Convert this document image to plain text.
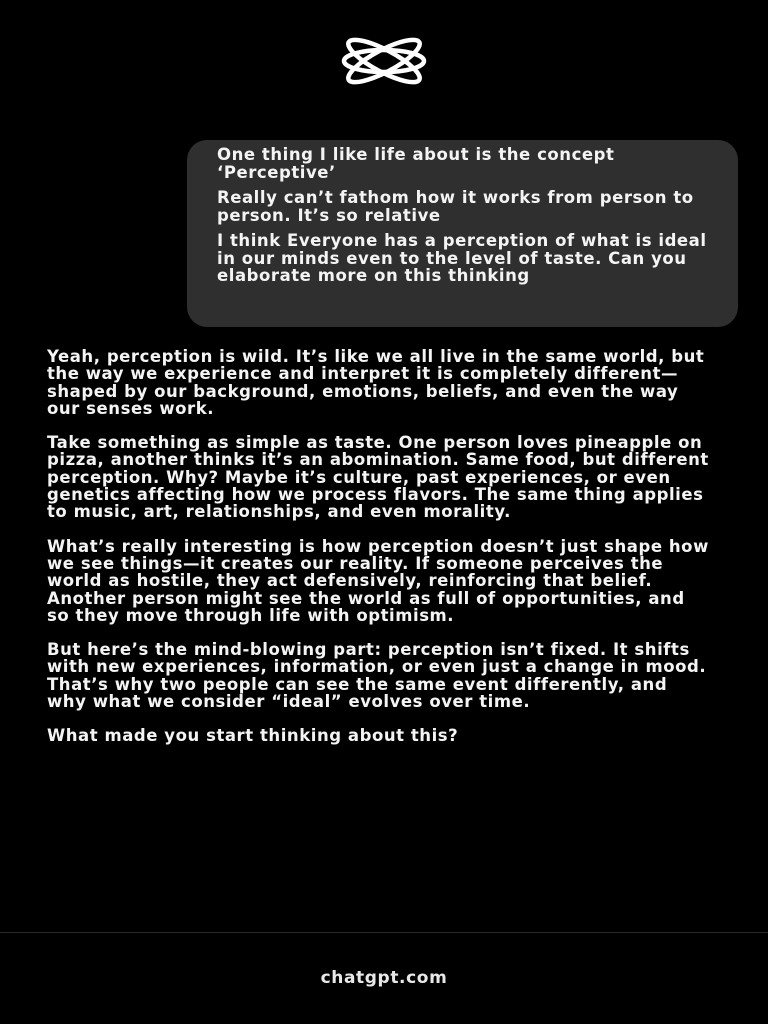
One thing I like life about is the concept ‘Perceptive’

Really can’t fathom how it works from person to person. It’s so relative

I think Everyone has a perception of what is ideal in our minds even to the level of taste. Can you elaborate more on this thinking

Yeah, perception is wild. It’s like we all live in the same world, but the way we experience and interpret it is completely different—shaped by our background, emotions, beliefs, and even the way our senses work.

Take something as simple as taste. One person loves pineapple on pizza, another thinks it’s an abomination. Same food, but different perception. Why? Maybe it’s culture, past experiences, or even genetics affecting how we process flavors. The same thing applies to music, art, relationships, and even morality.

What’s really interesting is how perception doesn’t just shape how we see things—it creates our reality. If someone perceives the world as hostile, they act defensively, reinforcing that belief. Another person might see the world as full of opportunities, and so they move through life with optimism.

But here’s the mind-blowing part: perception isn’t fixed. It shifts with new experiences, information, or even just a change in mood. That’s why two people can see the same event differently, and why what we consider “ideal” evolves over time.

What made you start thinking about this?

chatgpt.com
